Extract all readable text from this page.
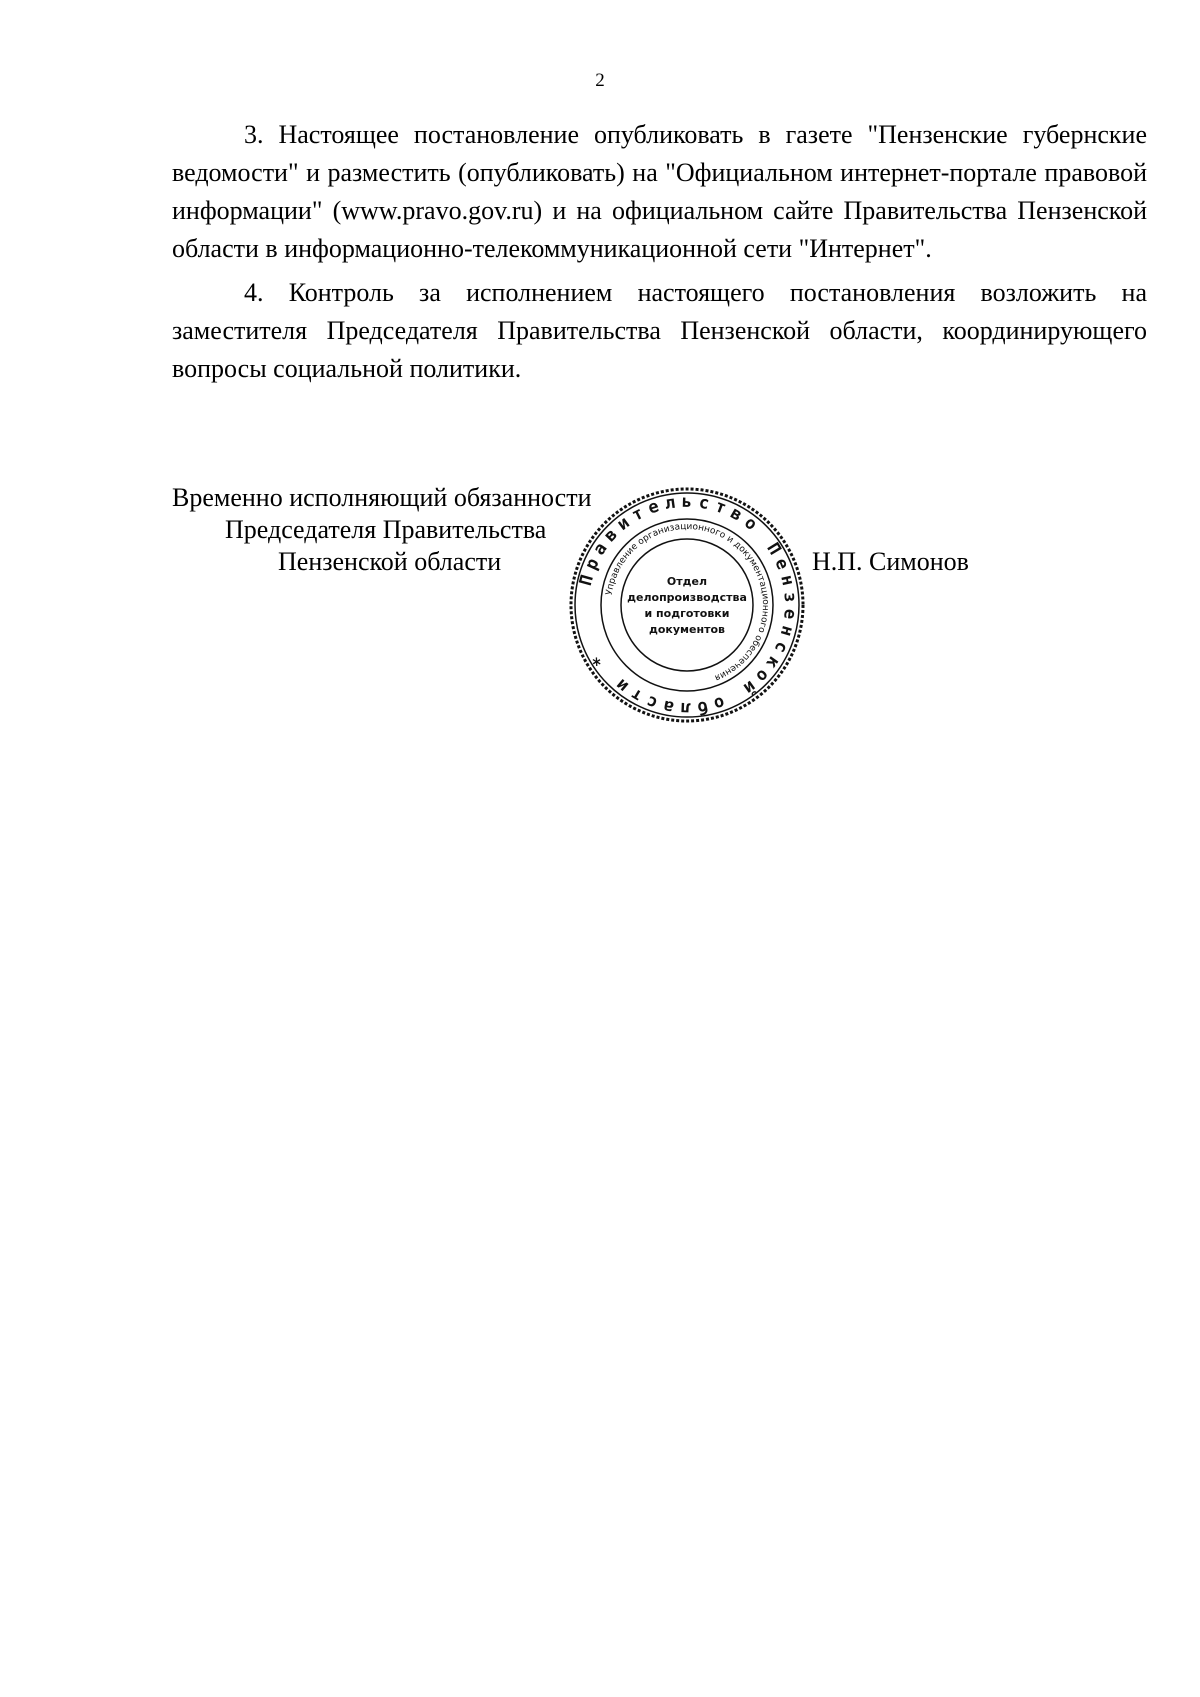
2

3. Настоящее постановление опубликовать в газете "Пензенские губернские ведомости" и разместить (опубликовать) на "Официальном интернет-портале правовой информации" (www.pravo.gov.ru) и на официальном сайте Правительства Пензенской области в информационно-телекоммуникационной сети "Интернет".

4. Контроль за исполнением настоящего постановления возложить на заместителя Председателя Правительства Пензенской области, координирующего вопросы социальной политики.

Временно исполняющий обязанности
Председателя Правительства
Пензенской области	Н.П. Симонов
Правительство Пензенской области *
Управление организационного и документационного обеспечения
Отдел
делопроизводства
и подготовки
документов
